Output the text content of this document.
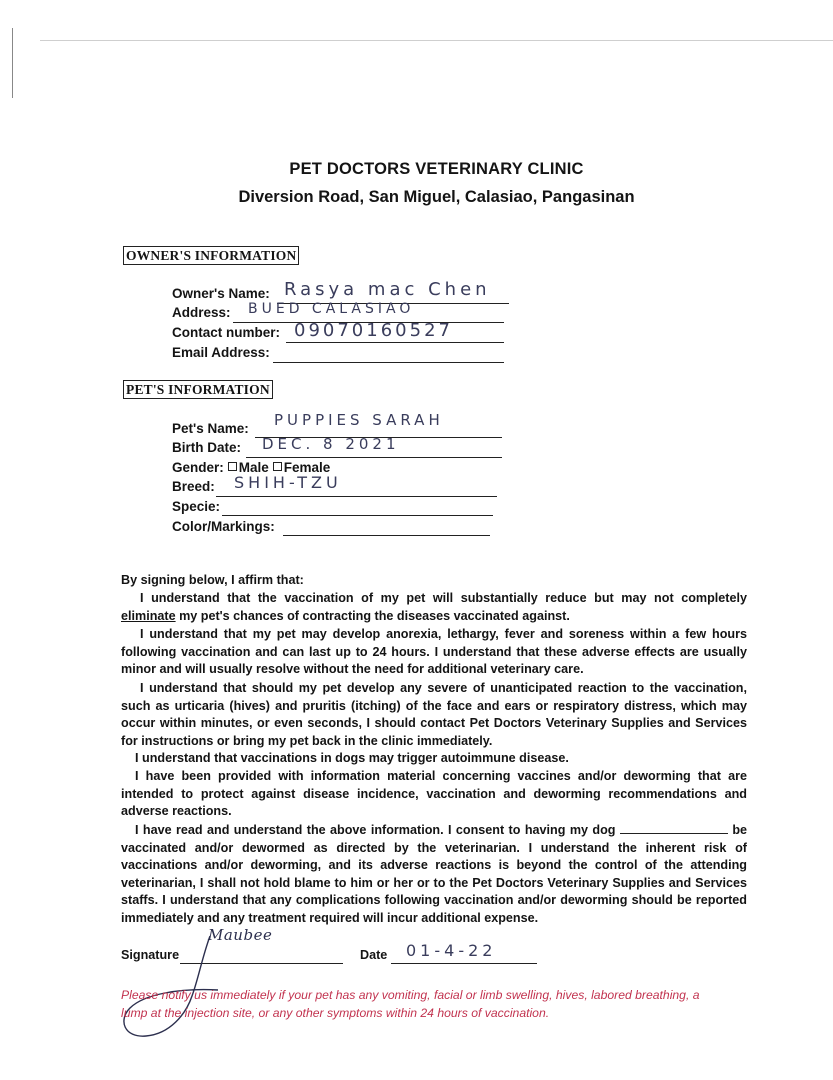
PET DOCTORS VETERINARY CLINIC
Diversion Road, San Miguel, Calasiao, Pangasinan
OWNER'S INFORMATION
Owner's Name: Rasya mac Chen
Address: BUED CALASIAO
Contact number: 09070160527
Email Address:
PET'S INFORMATION
Pet's Name: PUPPIES SARAH
Birth Date: DEC. 8 2021
Gender: Male Female
Breed: SHIH-TZU
Specie:
Color/Markings:
By signing below, I affirm that:
I understand that the vaccination of my pet will substantially reduce but may not completely eliminate my pet's chances of contracting the diseases vaccinated against.
I understand that my pet may develop anorexia, lethargy, fever and soreness within a few hours following vaccination and can last up to 24 hours. I understand that these adverse effects are usually minor and will usually resolve without the need for additional veterinary care.
I understand that should my pet develop any severe of unanticipated reaction to the vaccination, such as urticaria (hives) and pruritis (itching) of the face and ears or respiratory distress, which may occur within minutes, or even seconds, I should contact Pet Doctors Veterinary Supplies and Services for instructions or bring my pet back in the clinic immediately.
I understand that vaccinations in dogs may trigger autoimmune disease.
I have been provided with information material concerning vaccines and/or deworming that are intended to protect against disease incidence, vaccination and deworming recommendations and adverse reactions.
I have read and understand the above information. I consent to having my dog	be vaccinated and/or dewormed as directed by the veterinarian. I understand the inherent risk of vaccinations and/or deworming, and its adverse reactions is beyond the control of the attending veterinarian, I shall not hold blame to him or her or to the Pet Doctors Veterinary Supplies and Services staffs. I understand that any complications following vaccination and/or deworming should be reported immediately and any treatment required will incur additional expense.
Signature
Maubee
Date 01-4-22
Please notify us immediately if your pet has any vomiting, facial or limb swelling, hives, labored breathing, a lump at the injection site, or any other symptoms within 24 hours of vaccination.
